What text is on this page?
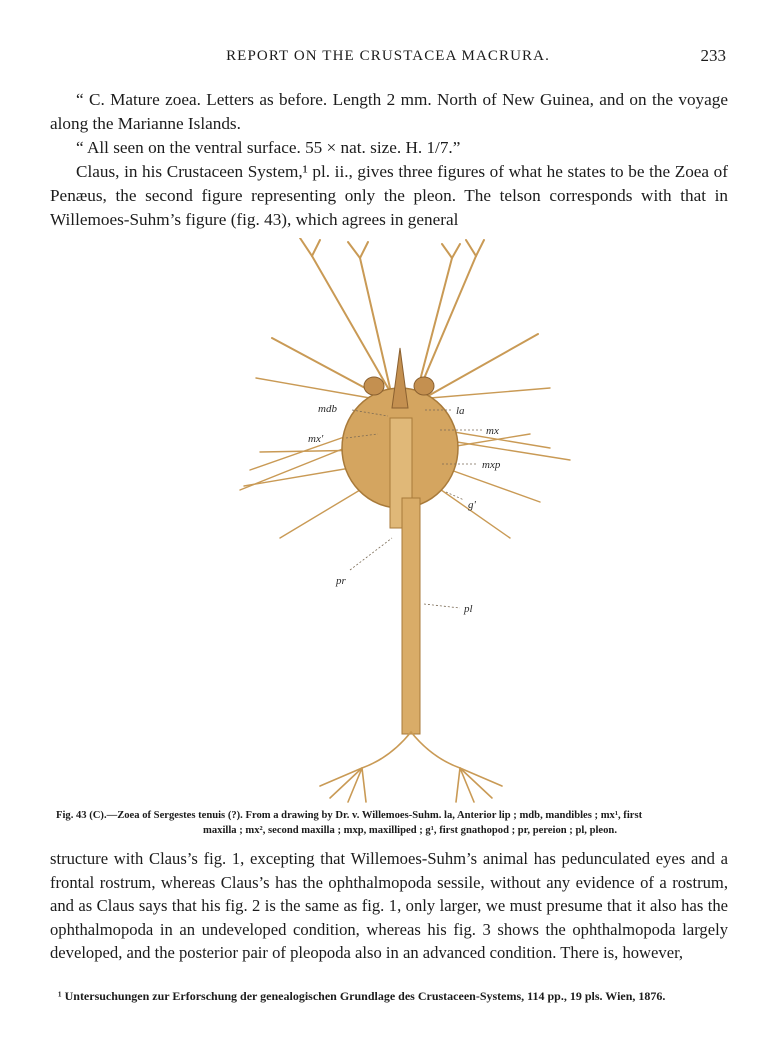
REPORT ON THE CRUSTACEA MACRURA.	233

“ C. Mature zoea. Letters as before. Length 2 mm. North of New Guinea, and on the voyage along the Marianne Islands.

“ All seen on the ventral surface. 55 × nat. size. H. 1/7.”

Claus, in his Crustaceen System,¹ pl. ii., gives three figures of what he states to be the Zoea of Penæus, the second figure representing only the pleon. The telson corresponds with that in Willemoes-Suhm’s figure (fig. 43), which agrees in general

mdb	la
mx
mx'
mxp
g'
pr
pl
Fig. 43 (C).—Zoea of Sergestes tenuis (?). From a drawing by Dr. v. Willemoes-Suhm. la, Anterior lip ; mdb, mandibles ; mx¹, first
maxilla ; mx², second maxilla ; mxp, maxilliped ; g¹, first gnathopod ; pr, pereion ; pl, pleon.

structure with Claus’s fig. 1, excepting that Willemoes-Suhm’s animal has pedunculated eyes and a frontal rostrum, whereas Claus’s has the ophthalmopoda sessile, without any evidence of a rostrum, and as Claus says that his fig. 2 is the same as fig. 1, only larger, we must presume that it also has the ophthalmopoda in an undeveloped condition, whereas his fig. 3 shows the ophthalmopoda largely developed, and the posterior pair of pleopoda also in an advanced condition. There is, however,

¹ Untersuchungen zur Erforschung der genealogischen Grundlage des Crustaceen-Systems, 114 pp., 19 pls. Wien, 1876.
